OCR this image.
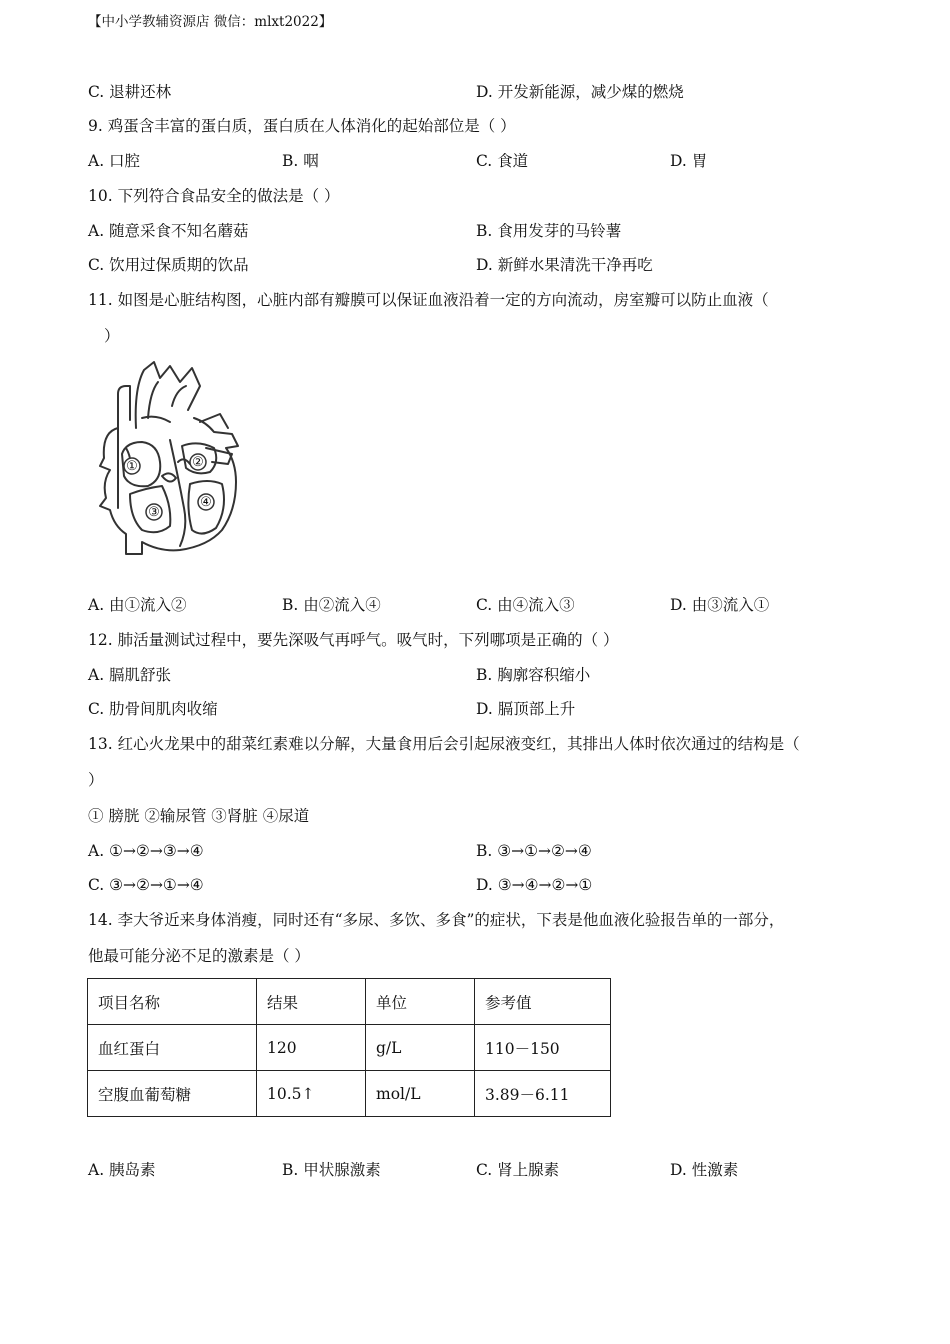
【中小学教辅资源店 微信：mlxt2022】
C. 退耕还林	D. 开发新能源，减少煤的燃烧
9. 鸡蛋含丰富的蛋白质，蛋白质在人体消化的起始部位是（ ）
A. 口腔	B. 咽	C. 食道	D. 胃
10. 下列符合食品安全的做法是（ ）
A. 随意采食不知名蘑菇	B. 食用发芽的马铃薯
C. 饮用过保质期的饮品	D. 新鲜水果清洗干净再吃
11. 如图是心脏结构图，心脏内部有瓣膜可以保证血液沿着一定的方向流动，房室瓣可以防止血液（
）
①	②
③
④
A. 由①流入②	B. 由②流入④	C. 由④流入③	D. 由③流入①
12. 肺活量测试过程中，要先深吸气再呼气。吸气时，下列哪项是正确的（ ）
A. 膈肌舒张	B. 胸廓容积缩小
C. 肋骨间肌肉收缩	D. 膈顶部上升
13. 红心火龙果中的甜菜红素难以分解，大量食用后会引起尿液变红，其排出人体时依次通过的结构是（
）
① 膀胱 ②输尿管 ③肾脏 ④尿道
A. ①→②→③→④	B. ③→①→②→④
C. ③→②→①→④	D. ③→④→②→①
14. 李大爷近来身体消瘦，同时还有“多尿、多饮、多食”的症状，下表是他血液化验报告单的一部分，
他最可能分泌不足的激素是（ ）
项目名称	结果	单位	参考值
血红蛋白	120	g/L	110－150
空腹血葡萄糖	10.5↑	mol/L	3.89－6.11
A. 胰岛素	B. 甲状腺激素	C. 肾上腺素	D. 性激素
